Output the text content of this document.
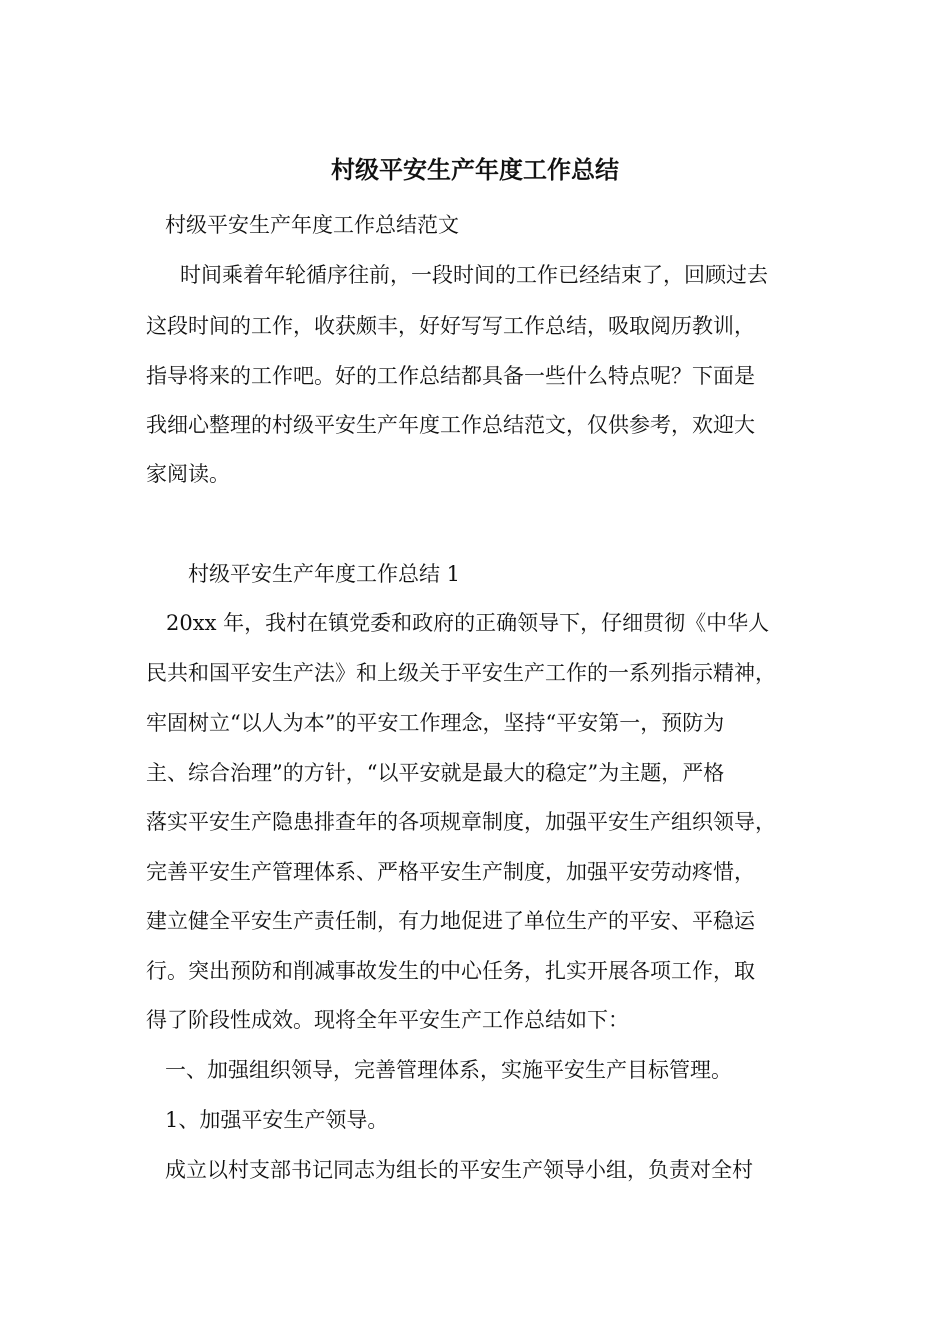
村级平安生产年度工作总结

村级平安生产年度工作总结范文

时间乘着年轮循序往前，一段时间的工作已经结束了，回顾过去

这段时间的工作，收获颇丰，好好写写工作总结，吸取阅历教训，

指导将来的工作吧。好的工作总结都具备一些什么特点呢？下面是

我细心整理的村级平安生产年度工作总结范文，仅供参考，欢迎大

家阅读。

村级平安生产年度工作总结 1

20xx 年，我村在镇党委和政府的正确领导下，仔细贯彻《中华人

民共和国平安生产法》和上级关于平安生产工作的一系列指示精神，

牢固树立“以人为本”的平安工作理念，坚持“平安第一，预防为

主、综合治理”的方针，“以平安就是最大的稳定”为主题，严格

落实平安生产隐患排查年的各项规章制度，加强平安生产组织领导，

完善平安生产管理体系、严格平安生产制度，加强平安劳动疼惜，

建立健全平安生产责任制，有力地促进了单位生产的平安、平稳运

行。突出预防和削减事故发生的中心任务，扎实开展各项工作，取

得了阶段性成效。现将全年平安生产工作总结如下：

一、加强组织领导，完善管理体系，实施平安生产目标管理。

1、加强平安生产领导。

成立以村支部书记同志为组长的平安生产领导小组，负责对全村
